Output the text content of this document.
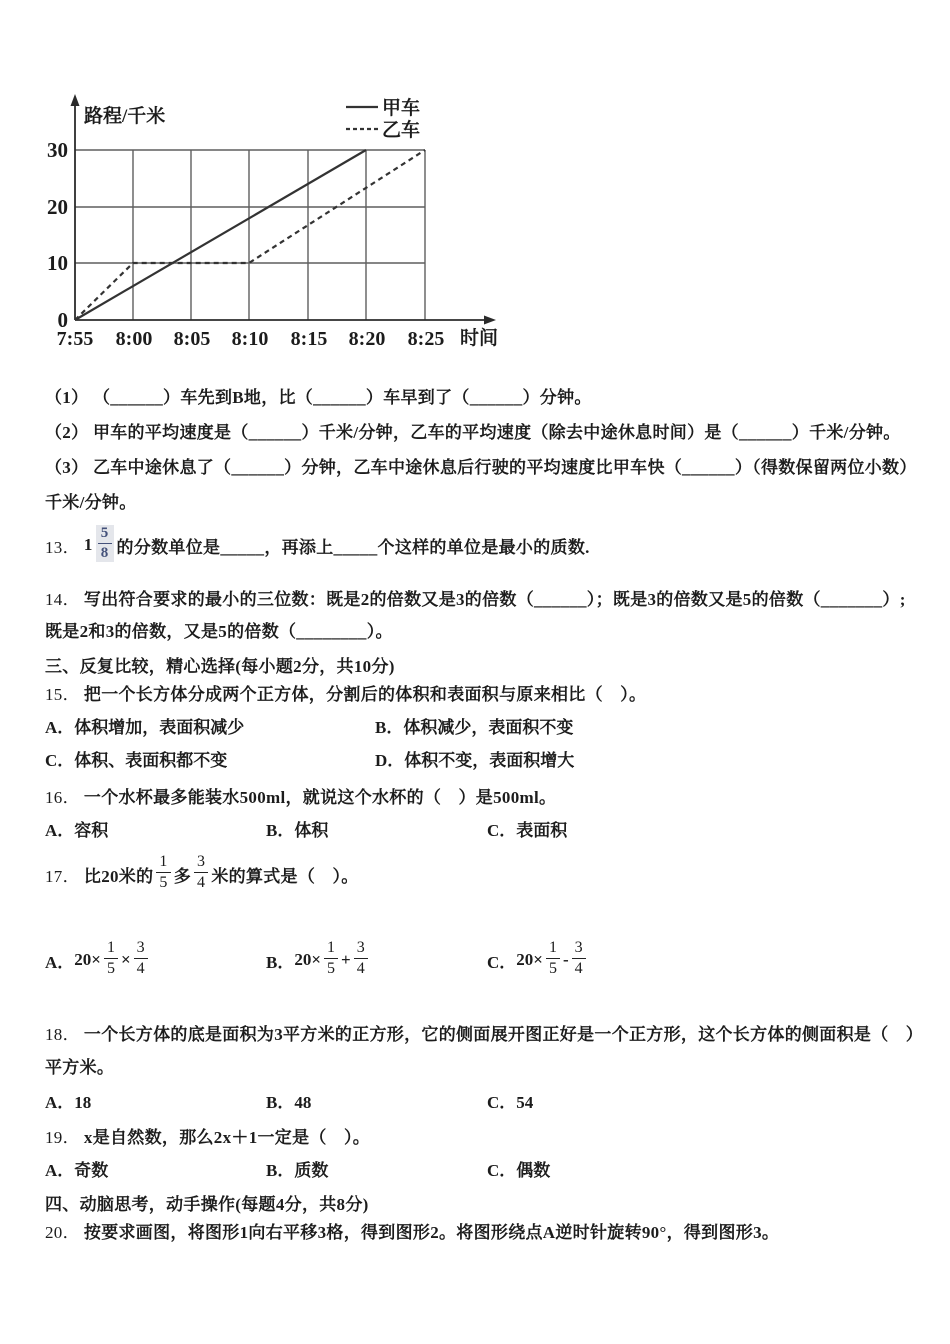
30
20
10
0
7:55 8:00 8:05 8:10 8:15 8:20 8:25
路程/千米
时间
甲车
乙车
（1） （______）车先到B地，比（______）车早到了（______）分钟。
（2） 甲车的平均速度是（______）千米/分钟，乙车的平均速度（除去中途休息时间）是（______）千米/分钟。
（3） 乙车中途休息了（______）分钟，乙车中途休息后行驶的平均速度比甲车快（______）（得数保留两位小数）
千米/分钟。
13． $1 \frac{5}{8}$ 的分数单位是_____，再添上_____个这样的单位是最小的质数.
14． 写出符合要求的最小的三位数：既是2的倍数又是3的倍数（______）；既是3的倍数又是5的倍数（_______）;
既是2和3的倍数，又是5的倍数（________）。
三、反复比较，精心选择(每小题2分，共10分)
15． 把一个长方体分成两个正方体，分割后的体积和表面积与原来相比（　）。
A．体积增加，表面积减少	B．体积减少，表面积不变
C．体积、表面积都不变	D．体积不变，表面积增大
16． 一个水杯最多能装水500ml，就说这个水杯的（　）是500ml。
A．容积	B．体积	C．表面积
17． 比20米的 $\frac{1}{5}$ 多 $\frac{3}{4}$ 米的算式是（　）。
A． $20\times \frac{1}{5} \times \frac{3}{4}$	B． $20\times \frac{1}{5} + \frac{3}{4}$	C． $20\times \frac{1}{5} - \frac{3}{4}$
18． 一个长方体的底是面积为3平方米的正方形，它的侧面展开图正好是一个正方形，这个长方体的侧面积是（　）
平方米。
A．18	B．48	C．54
19． x是自然数，那么2x＋1一定是（　）。
A．奇数	B．质数	C．偶数
四、动脑思考，动手操作(每题4分，共8分)
20． 按要求画图，将图形1向右平移3格，得到图形2。将图形绕点A逆时针旋转90°，得到图形3。
